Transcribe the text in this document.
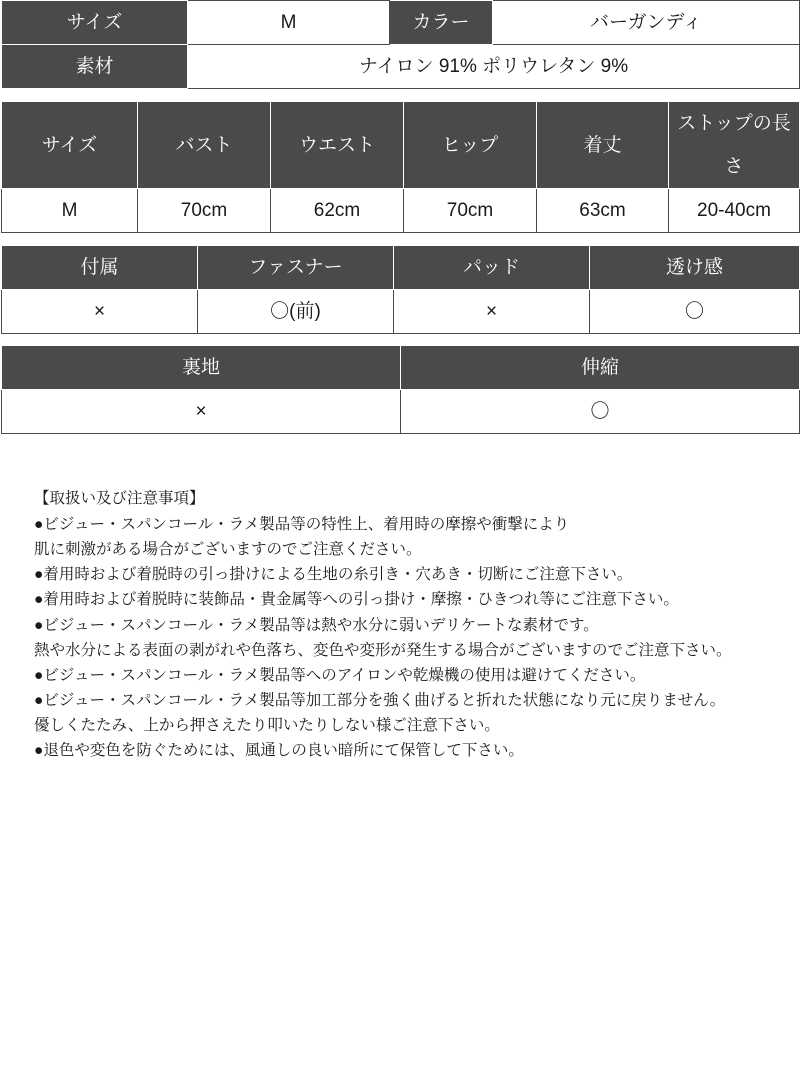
サイズ	M	カラー	バーガンディ
素材	ナイロン 91% ポリウレタン 9%		
サイズ	バスト	ウエスト	ヒップ	着丈	ストップの長さ
M	70cm	62cm	70cm	63cm	20-40cm
付属	ファスナー	パッド	透け感
×	〇(前)	×	〇
裏地	伸縮
×	〇
【取扱い及び注意事項】
●ビジュー・スパンコール・ラメ製品等の特性上、着用時の摩擦や衝撃により
肌に刺激がある場合がございますのでご注意ください。
●着用時および着脱時の引っ掛けによる生地の糸引き・穴あき・切断にご注意下さい。
●着用時および着脱時に装飾品・貴金属等への引っ掛け・摩擦・ひきつれ等にご注意下さい。
●ビジュー・スパンコール・ラメ製品等は熱や水分に弱いデリケートな素材です。
熱や水分による表面の剥がれや色落ち、変色や変形が発生する場合がございますのでご注意下さい。
●ビジュー・スパンコール・ラメ製品等へのアイロンや乾燥機の使用は避けてください。
●ビジュー・スパンコール・ラメ製品等加工部分を強く曲げると折れた状態になり元に戻りません。
優しくたたみ、上から押さえたり叩いたりしない様ご注意下さい。
●退色や変色を防ぐためには、風通しの良い暗所にて保管して下さい。
